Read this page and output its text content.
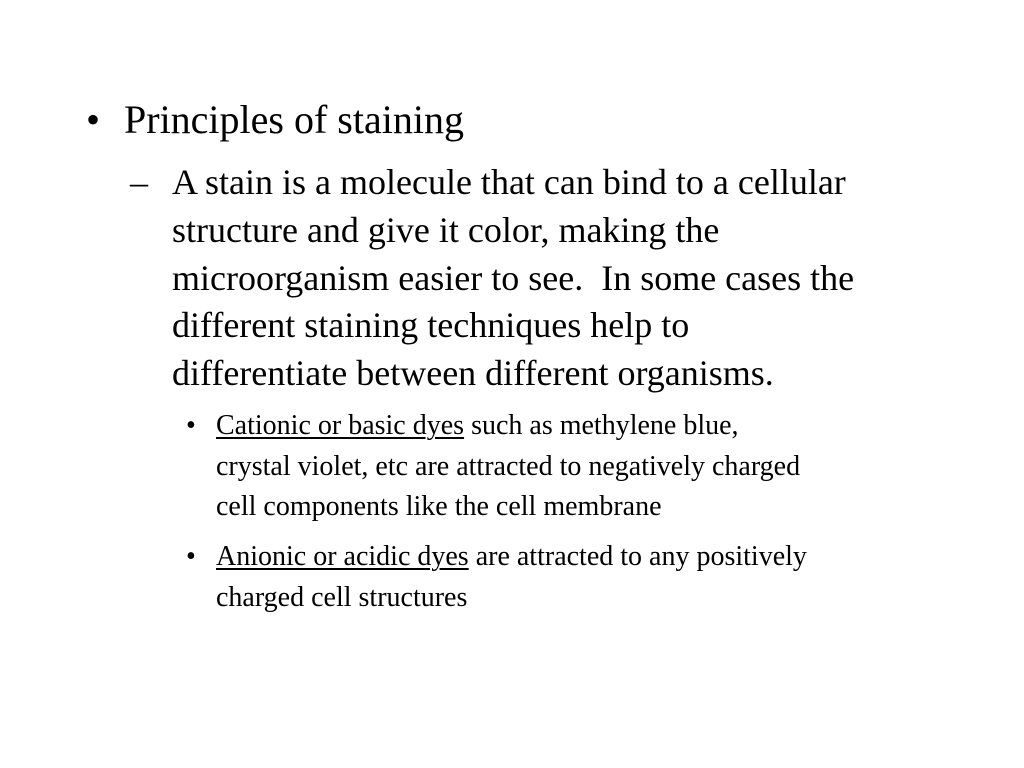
• Principles of staining
– A stain is a molecule that can bind to a cellular
structure and give it color, making the
microorganism easier to see.  In some cases the
different staining techniques help to
differentiate between different organisms.
• Cationic or basic dyes such as methylene blue,
crystal violet, etc are attracted to negatively charged
cell components like the cell membrane
• Anionic or acidic dyes are attracted to any positively
charged cell structures
